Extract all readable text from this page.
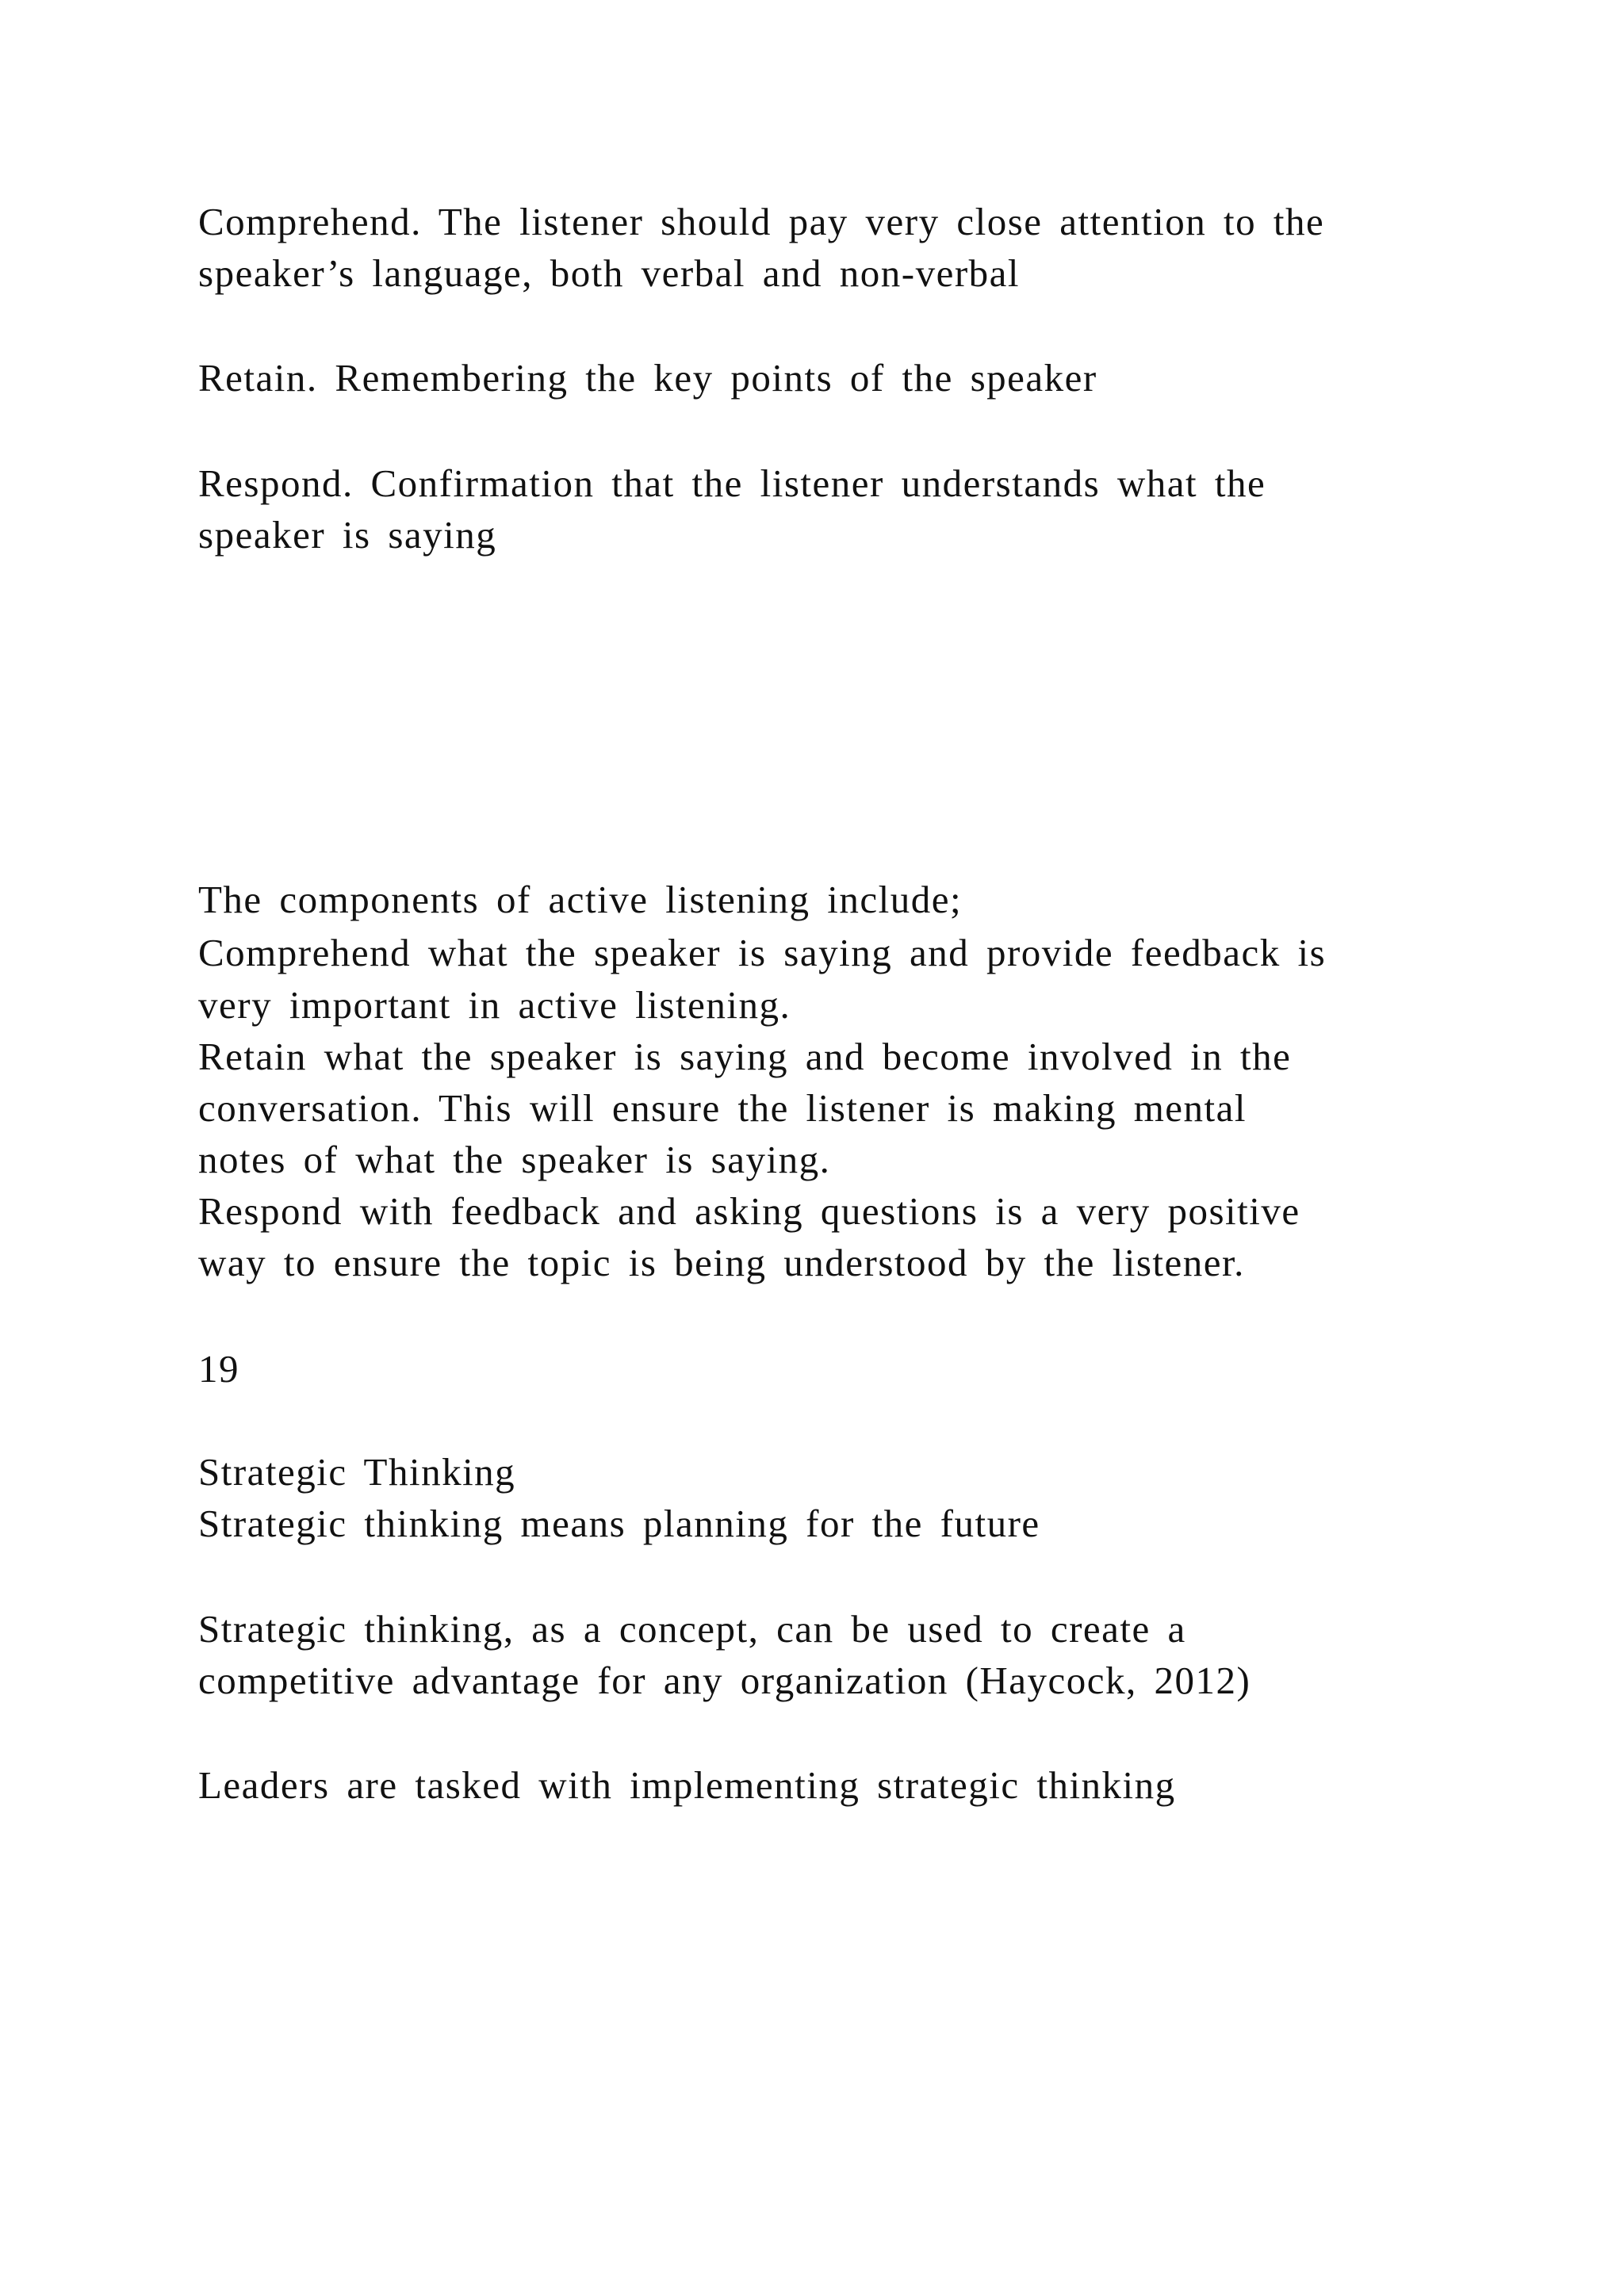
Comprehend. The listener should pay very close attention to the

speaker’s language, both verbal and non-verbal

Retain. Remembering the key points of the speaker

Respond. Confirmation that the listener understands what the

speaker is saying

The components of active listening include;

Comprehend what the speaker is saying and provide feedback is

very important in active listening.

Retain what the speaker is saying and become involved in the

conversation. This will ensure the listener is making mental

notes of what the speaker is saying.

Respond with feedback and asking questions is a very positive

way to ensure the topic is being understood by the listener.

19

Strategic Thinking

Strategic thinking means planning for the future

Strategic thinking, as a concept, can be used to create a

competitive advantage for any organization (Haycock, 2012)

Leaders are tasked with implementing strategic thinking
